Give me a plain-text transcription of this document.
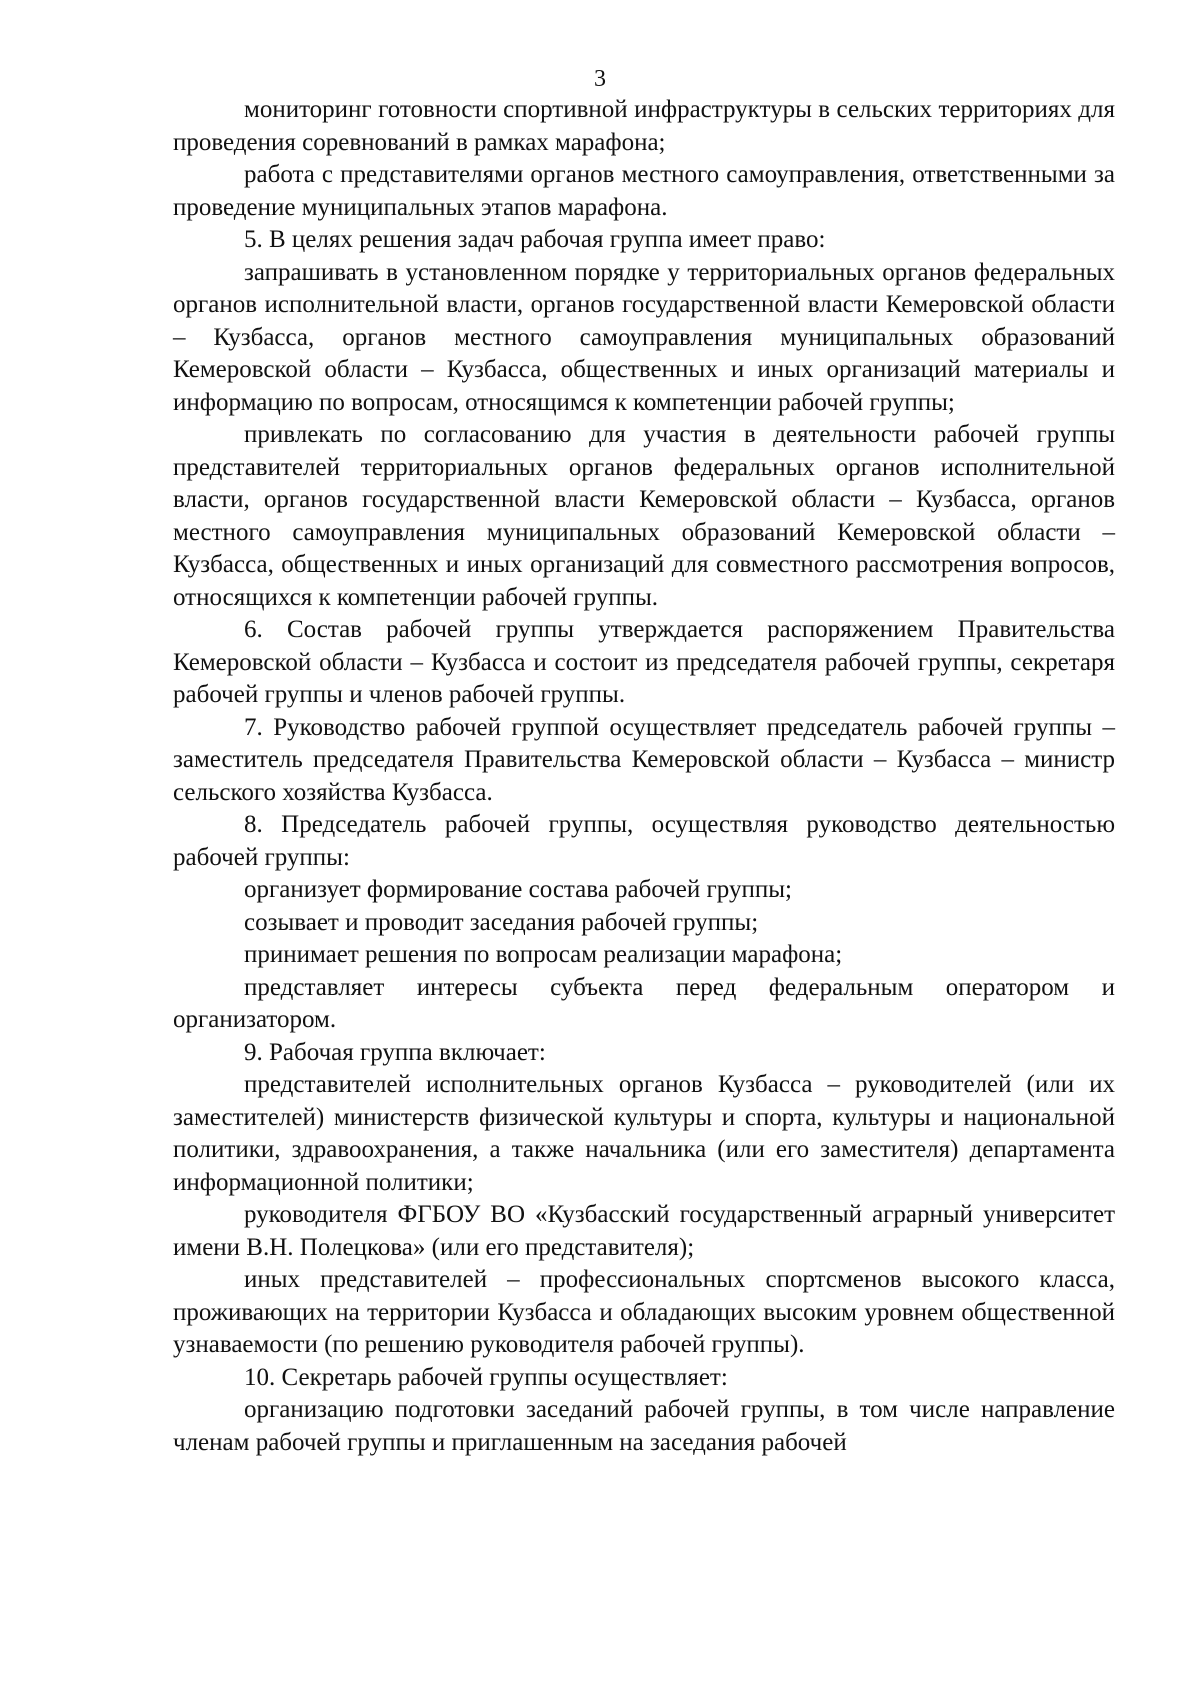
3

мониторинг готовности спортивной инфраструктуры в сельских территориях для проведения соревнований в рамках марафона;

работа с представителями органов местного самоуправления, ответственными за проведение муниципальных этапов марафона.

5. В целях решения задач рабочая группа имеет право:

запрашивать в установленном порядке у территориальных органов федеральных органов исполнительной власти, органов государственной власти Кемеровской области – Кузбасса, органов местного самоуправления муниципальных образований Кемеровской области – Кузбасса, общественных и иных организаций материалы и информацию по вопросам, относящимся к компетенции рабочей группы;

привлекать по согласованию для участия в деятельности рабочей группы представителей территориальных органов федеральных органов исполнительной власти, органов государственной власти Кемеровской области – Кузбасса, органов местного самоуправления муниципальных образований Кемеровской области – Кузбасса, общественных и иных организаций для совместного рассмотрения вопросов, относящихся к компетенции рабочей группы.

6. Состав рабочей группы утверждается распоряжением Правительства Кемеровской области – Кузбасса и состоит из председателя рабочей группы, секретаря рабочей группы и членов рабочей группы.

7. Руководство рабочей группой осуществляет председатель рабочей группы – заместитель председателя Правительства Кемеровской области – Кузбасса – министр сельского хозяйства Кузбасса.

8. Председатель рабочей группы, осуществляя руководство деятельностью рабочей группы:

организует формирование состава рабочей группы;

созывает и проводит заседания рабочей группы;

принимает решения по вопросам реализации марафона;

представляет интересы субъекта перед федеральным оператором и организатором.

9. Рабочая группа включает:

представителей исполнительных органов Кузбасса – руководителей (или их заместителей) министерств физической культуры и спорта, культуры и национальной политики, здравоохранения, а также начальника (или его заместителя) департамента информационной политики;

руководителя ФГБОУ ВО «Кузбасский государственный аграрный университет имени В.Н. Полецкова» (или его представителя);

иных представителей – профессиональных спортсменов высокого класса, проживающих на территории Кузбасса и обладающих высоким уровнем общественной узнаваемости (по решению руководителя рабочей группы).

10. Секретарь рабочей группы осуществляет:

организацию подготовки заседаний рабочей группы, в том числе направление членам рабочей группы и приглашенным на заседания рабочей
